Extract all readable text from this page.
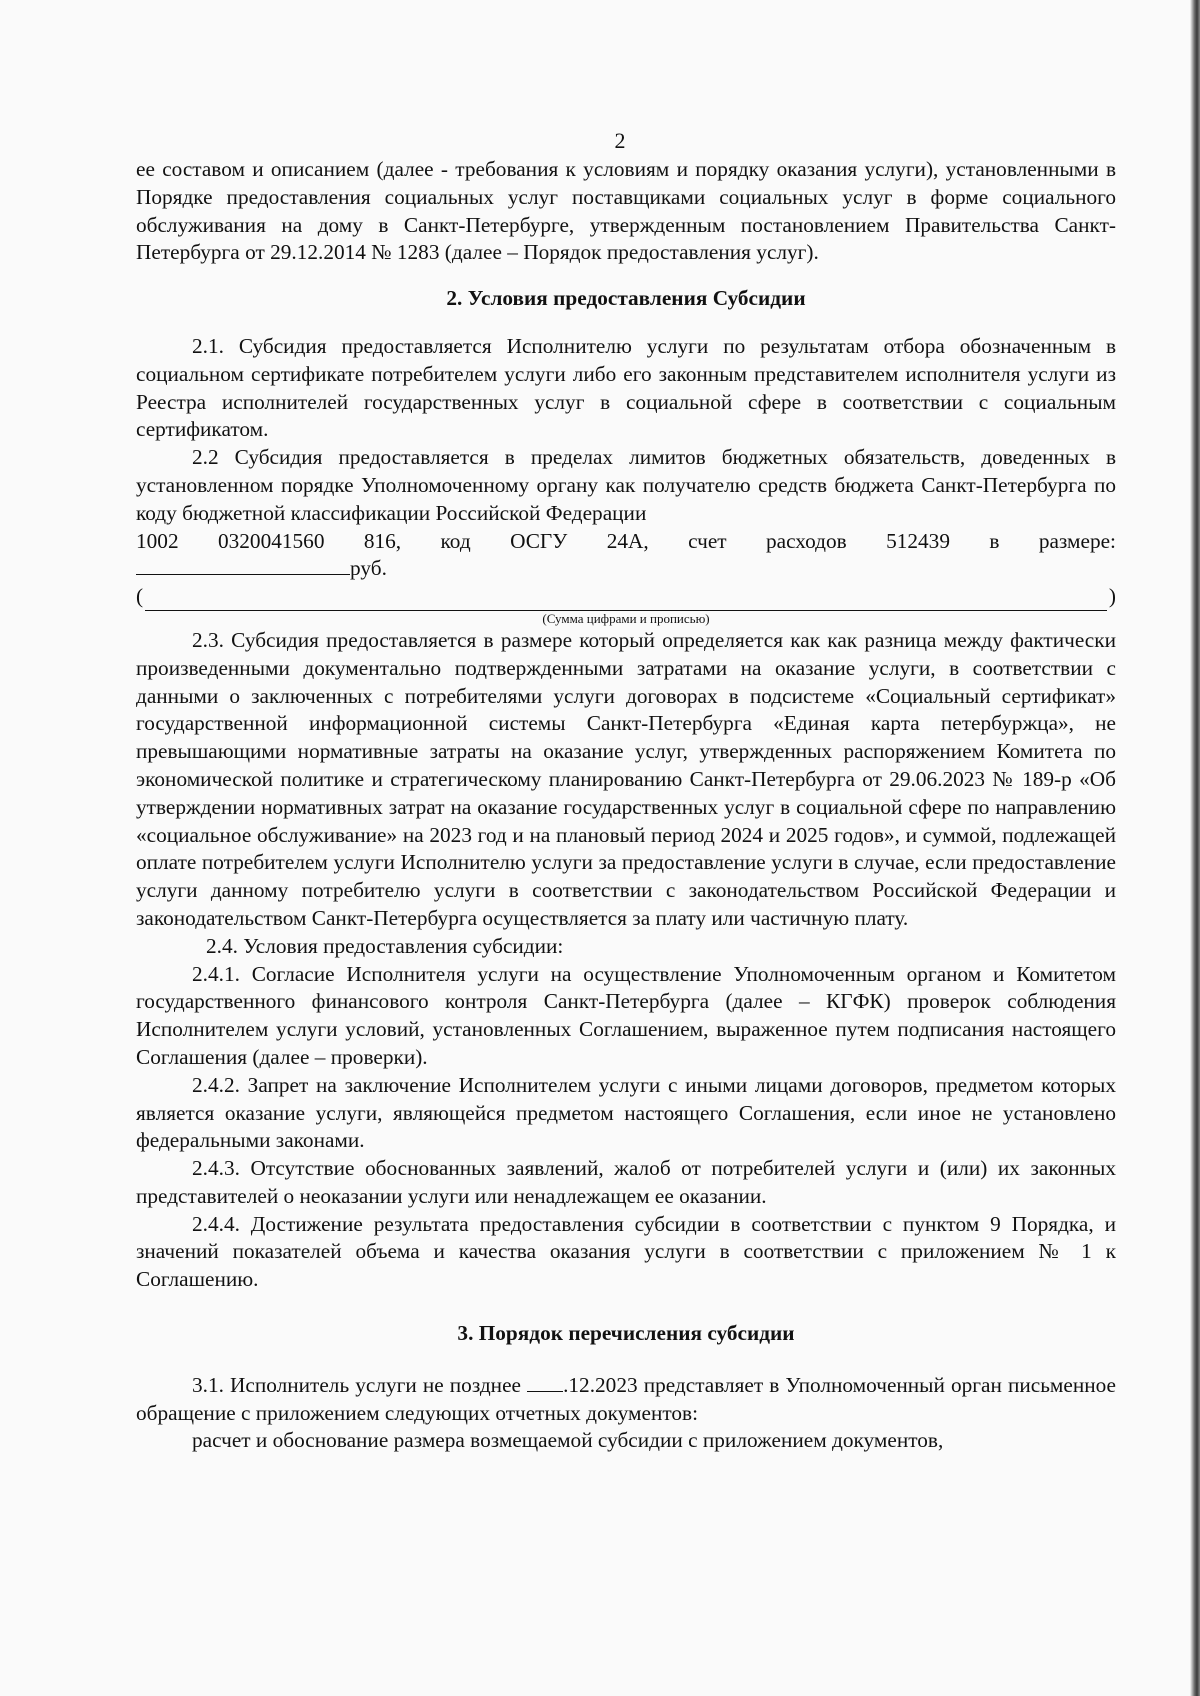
2

ее составом и описанием (далее - требования к условиям и порядку оказания услуги), установленными в Порядке предоставления социальных услуг поставщиками социальных услуг в форме социального обслуживания на дому в Санкт-Петербурге, утвержденным постановлением Правительства Санкт-Петербурга от 29.12.2014 № 1283 (далее – Порядок предоставления услуг).

2. Условия предоставления Субсидии

2.1. Субсидия предоставляется Исполнителю услуги по результатам отбора обозначенным в социальном сертификате потребителем услуги либо его законным представителем исполнителя услуги из Реестра исполнителей государственных услуг в социальной сфере в соответствии с социальным сертификатом.

2.2 Субсидия предоставляется в пределах лимитов бюджетных обязательств, доведенных в установленном порядке Уполномоченному органу как получателю средств бюджета Санкт-Петербурга по коду бюджетной классификации Российской Федерации

1002 0320041560 816, код ОСГУ 24А, счет расходов 512439 в размере:
руб.
(	)

(Сумма цифрами и прописью)

2.3. Субсидия предоставляется в размере который определяется как как разница между фактически произведенными документально подтвержденными затратами на оказание услуги, в соответствии с данными о заключенных с потребителями услуги договорах в подсистеме «Социальный сертификат» государственной информационной системы Санкт-Петербурга «Единая карта петербуржца», не превышающими нормативные затраты на оказание услуг, утвержденных распоряжением Комитета по экономической политике и стратегическому планированию Санкт-Петербурга от 29.06.2023 № 189-р «Об утверждении нормативных затрат на оказание государственных услуг в социальной сфере по направлению «социальное обслуживание» на 2023 год и на плановый период 2024 и 2025 годов», и суммой, подлежащей оплате потребителем услуги Исполнителю услуги за предоставление услуги в случае, если предоставление услуги данному потребителю услуги в соответствии с законодательством Российской Федерации и законодательством Санкт-Петербурга осуществляется за плату или частичную плату.

2.4. Условия предоставления субсидии:

2.4.1. Согласие Исполнителя услуги на осуществление Уполномоченным органом и Комитетом государственного финансового контроля Санкт-Петербурга (далее – КГФК) проверок соблюдения Исполнителем услуги условий, установленных Соглашением, выраженное путем подписания настоящего Соглашения (далее – проверки).

2.4.2. Запрет на заключение Исполнителем услуги с иными лицами договоров, предметом которых является оказание услуги, являющейся предметом настоящего Соглашения, если иное не установлено федеральными законами.

2.4.3. Отсутствие обоснованных заявлений, жалоб от потребителей услуги и (или) их законных представителей о неоказании услуги или ненадлежащем ее оказании.

2.4.4. Достижение результата предоставления субсидии в соответствии с пунктом 9 Порядка, и значений показателей объема и качества оказания услуги в соответствии с приложением № 1 к Соглашению.

3. Порядок перечисления субсидии

3.1. Исполнитель услуги не позднее .12.2023 представляет в Уполномоченный орган письменное обращение с приложением следующих отчетных документов:

расчет и обоснование размера возмещаемой субсидии с приложением документов,
